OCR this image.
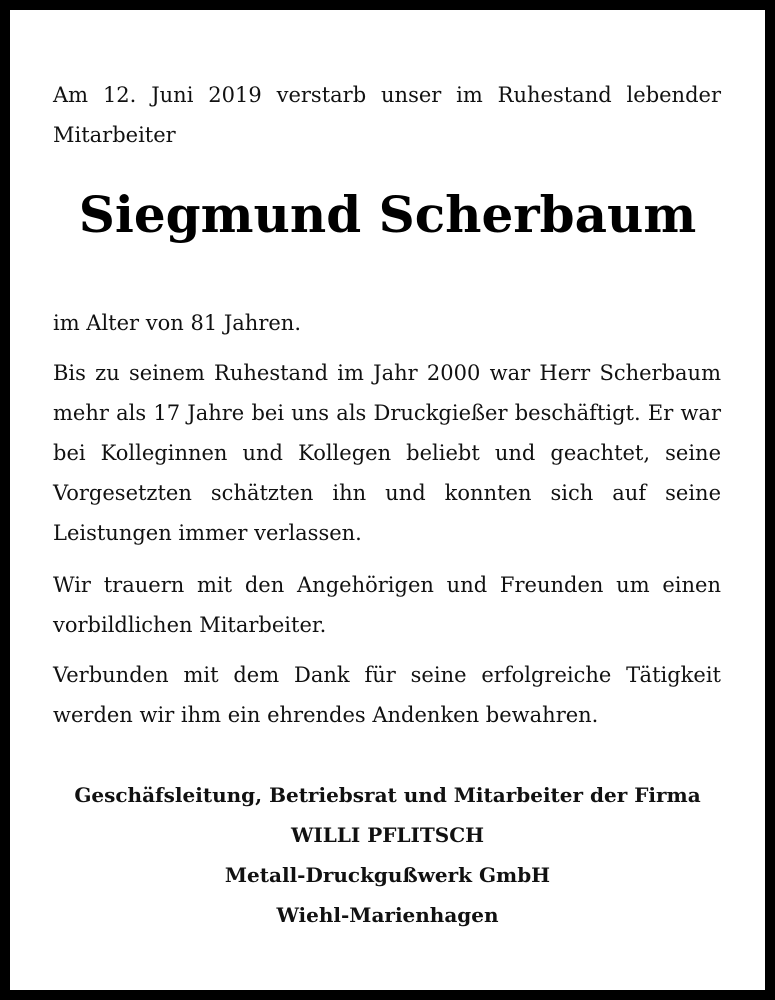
Am 12. Juni 2019 verstarb unser im Ruhestand lebender Mitarbeiter

Siegmund Scherbaum

im Alter von 81 Jahren.

Bis zu seinem Ruhestand im Jahr 2000 war Herr Scherbaum mehr als 17 Jahre bei uns als Druckgießer beschäftigt. Er war bei Kolleginnen und Kollegen beliebt und geachtet, seine Vorgesetzten schätzten ihn und konnten sich auf seine Leistungen immer verlassen.

Wir trauern mit den Angehörigen und Freunden um einen vorbildlichen Mitarbeiter.

Verbunden mit dem Dank für seine erfolgreiche Tätigkeit werden wir ihm ein ehrendes Andenken bewahren.

Geschäfsleitung, Betriebsrat und Mitarbeiter der Firma

WILLI PFLITSCH

Metall-Druckgußwerk GmbH

Wiehl-Marienhagen
